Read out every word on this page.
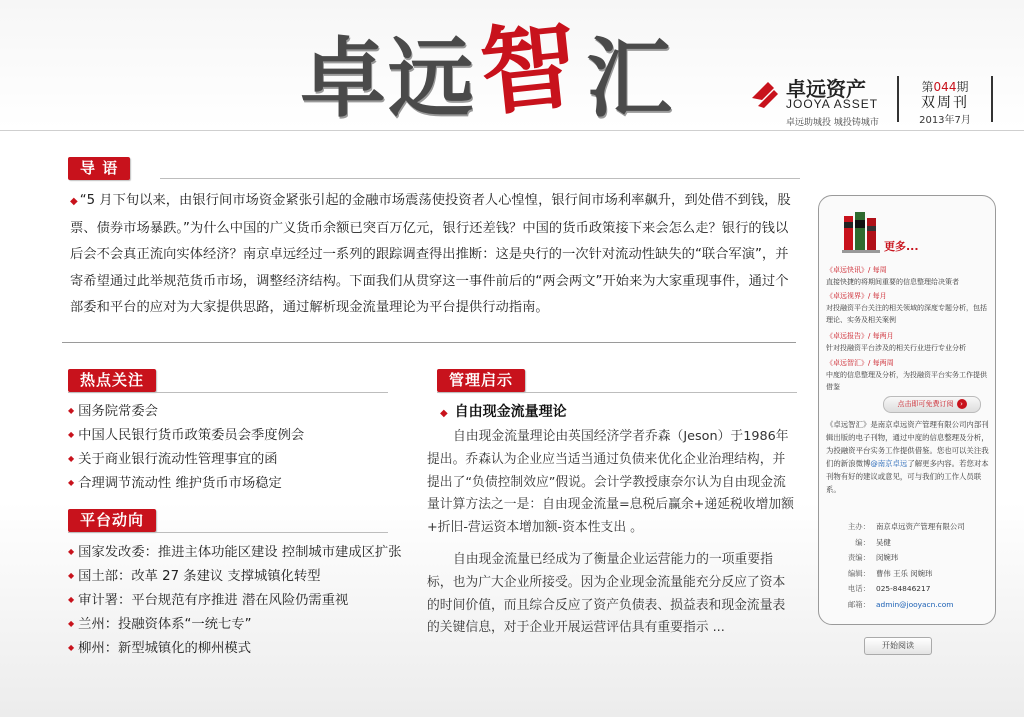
卓 远 智 汇	卓远资产
JOOYA ASSET
卓远助城投 城投铸城市
第044期
双周刊
2013年7月
导 语
◆ “5 月下旬以来，由银行间市场资金紧张引起的金融市场震荡使投资者人心惶惶，银行间市场利率飙升，到处借不到钱，股票、债券市场暴跌。”为什么中国的广义货币余额已突百万亿元，银行还差钱？中国的货币政策接下来会怎么走？银行的钱以后会不会真正流向实体经济？南京卓远经过一系列的跟踪调查得出推断：这是央行的一次针对流动性缺失的“联合军演”，并寄希望通过此举规范货币市场，调整经济结构。下面我们从贯穿这一事件前后的“两会两文”开始来为大家重现事件，通过个部委和平台的应对为大家提供思路，通过解析现金流量理论为平台提供行动指南。
热点关注
◆ 国务院常委会
◆ 中国人民银行货币政策委员会季度例会
◆ 关于商业银行流动性管理事宜的函
◆ 合理调节流动性 维护货币市场稳定
平台动向
◆ 国家发改委：推进主体功能区建设 控制城市建成区扩张
◆ 国土部：改革 27 条建议 支撑城镇化转型
◆ 审计署：平台规范有序推进 潜在风险仍需重视
◆ 兰州：投融资体系“一统七专”
◆ 柳州：新型城镇化的柳州模式
管理启示
◆ 自由现金流量理论

自由现金流量理论由英国经济学者乔森（Jeson）于1986年提出。乔森认为企业应当适当通过负债来优化企业治理结构，并提出了“负债控制效应”假说。会计学教授康奈尔认为自由现金流量计算方法之一是：自由现金流量=息税后赢余+递延税收增加额+折旧-营运资本增加额-资本性支出 。

自由现金流量已经成为了衡量企业运营能力的一项重要指标，也为广大企业所接受。因为企业现金流量能充分反应了资本的时间价值，而且综合反应了资产负债表、损益表和现金流量表的关键信息，对于企业开展运营评估具有重要指示 ...

更多...
《卓远快讯》/ 每周
直接快捷的将期间重要的信息整理给决策者
《卓远视界》/ 每月
对投融资平台关注的相关领域的深度专题分析，包括理论、实务及相关案例
《卓远报告》/ 每两月
针对投融资平台涉及的相关行业进行专业分析
《卓远智汇》/ 每两周
中度的信息整理及分析，为投融资平台实务工作提供借鉴
点击即可免费订阅 ›
《卓远智汇》是南京卓远资产管理有限公司内部刊辑出版的电子刊物，通过中度的信息整理及分析，为投融资平台实务工作提供借鉴。您也可以关注我们的新浪微博@南京卓远了解更多内容。若您对本刊物有好的建议或意见，可与我们的工作人员联系。
主办： 南京卓远资产管理有限公司
编： 吴健
责编： 闵婉玮
编辑： 曹伟 王乐 闵婉玮
电话： 025-84846217
邮箱： admin@jooyacn.com
开始阅读
